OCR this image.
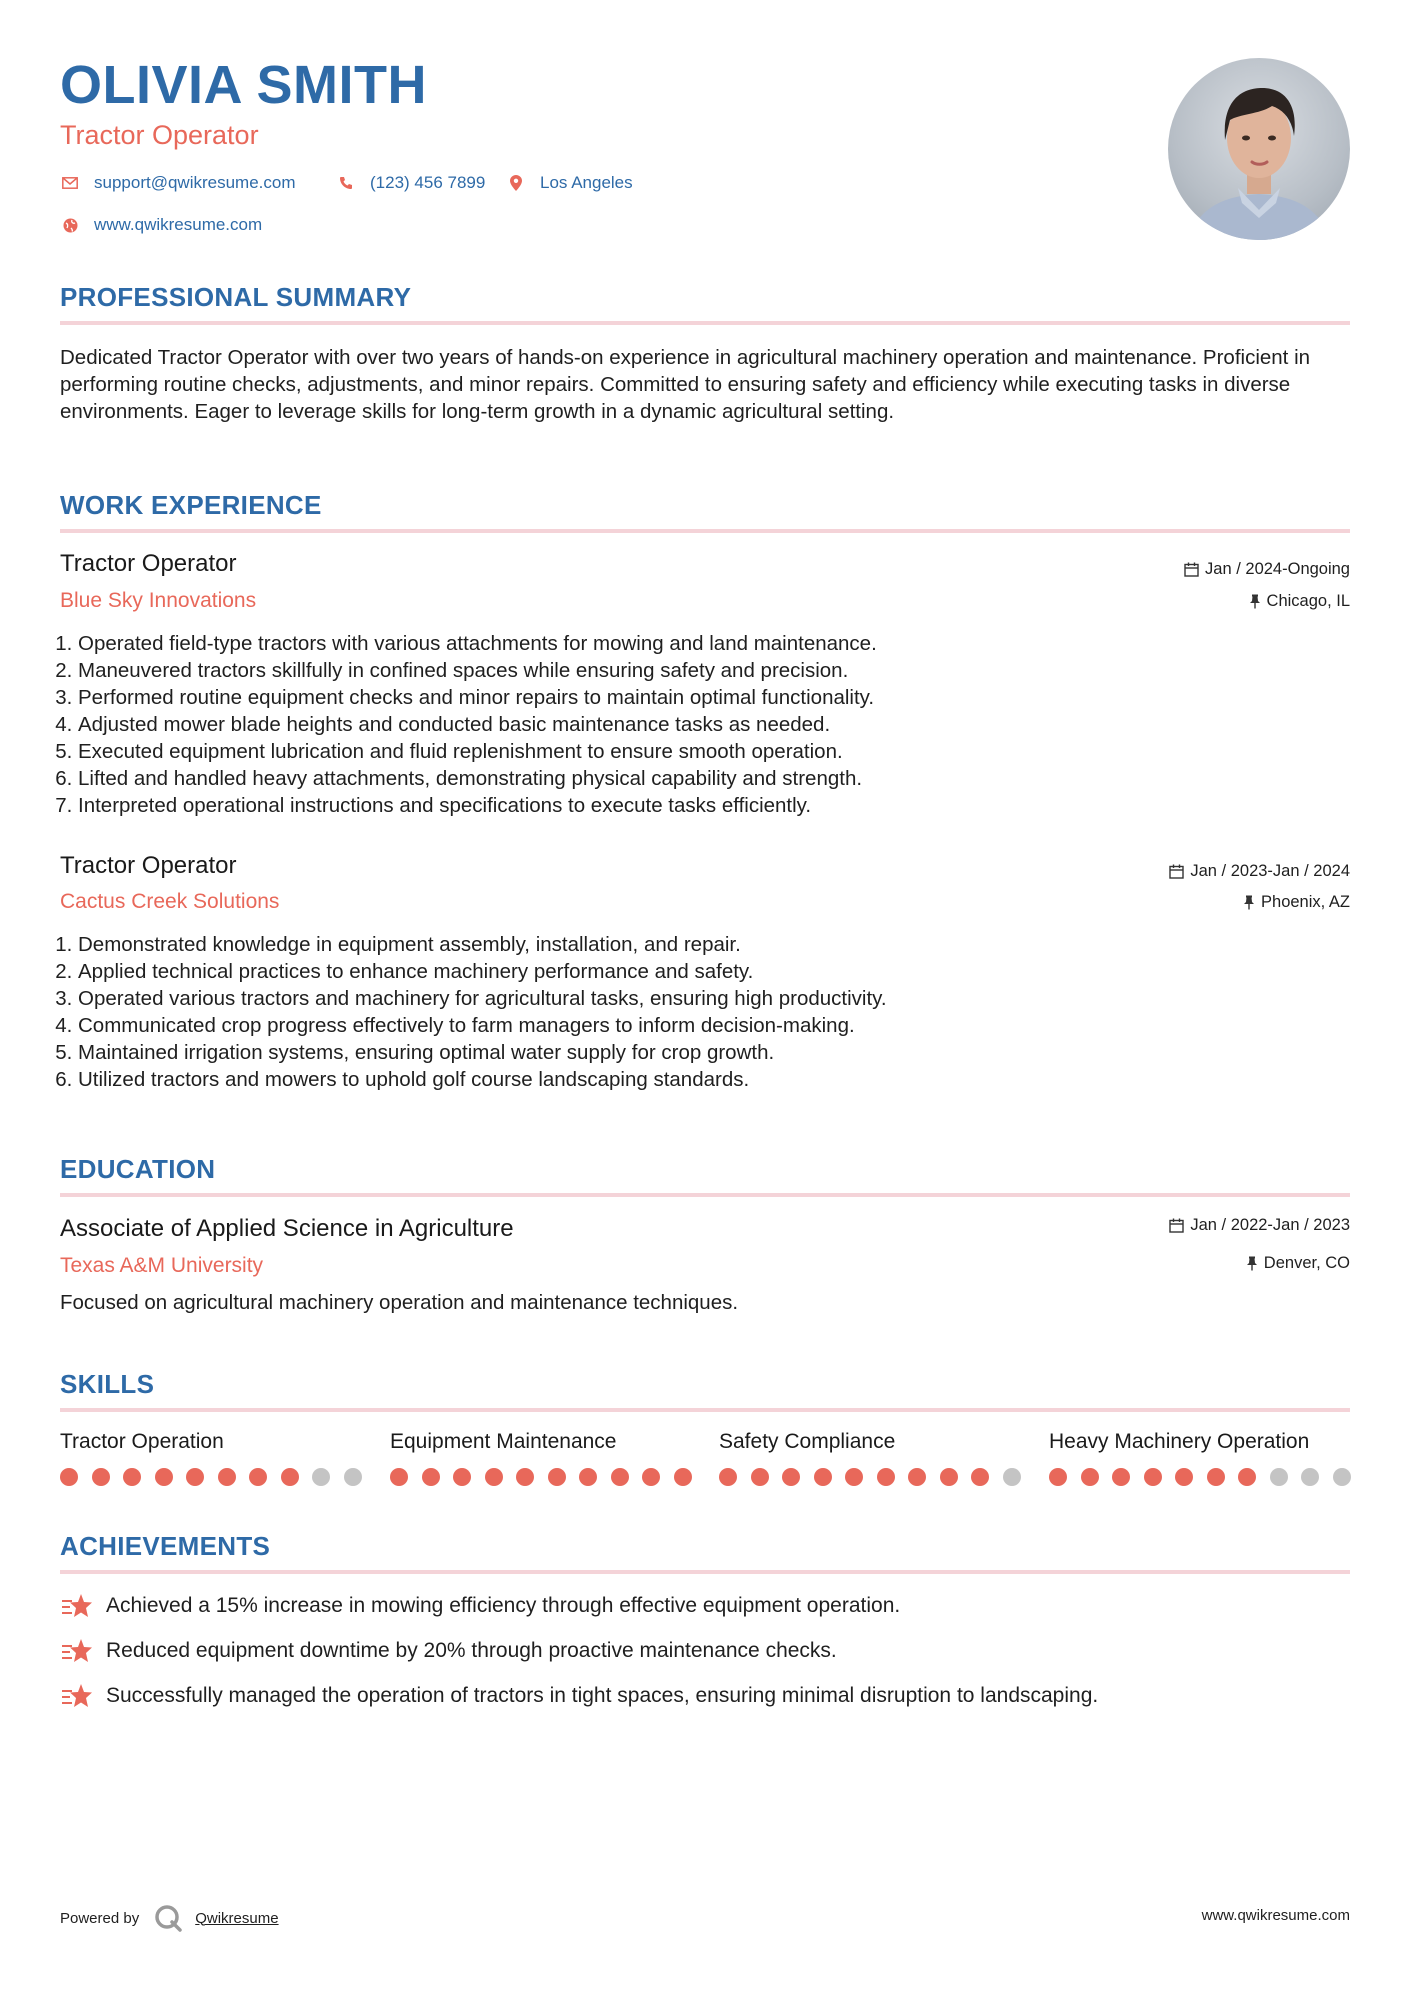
OLIVIA SMITH
Tractor Operator
support@qwikresume.com	(123) 456 7899	Los Angeles
www.qwikresume.com
PROFESSIONAL SUMMARY
Dedicated Tractor Operator with over two years of hands-on experience in agricultural machinery operation and maintenance. Proficient in performing routine checks, adjustments, and minor repairs. Committed to ensuring safety and efficiency while executing tasks in diverse environments. Eager to leverage skills for long-term growth in a dynamic agricultural setting.
WORK EXPERIENCE
Tractor Operator
Blue Sky Innovations
Jan / 2024-Ongoing
Chicago, IL
1. Operated field-type tractors with various attachments for mowing and land maintenance.
2. Maneuvered tractors skillfully in confined spaces while ensuring safety and precision.
3. Performed routine equipment checks and minor repairs to maintain optimal functionality.
4. Adjusted mower blade heights and conducted basic maintenance tasks as needed.
5. Executed equipment lubrication and fluid replenishment to ensure smooth operation.
6. Lifted and handled heavy attachments, demonstrating physical capability and strength.
7. Interpreted operational instructions and specifications to execute tasks efficiently.
Tractor Operator
Cactus Creek Solutions
Jan / 2023-Jan / 2024
Phoenix, AZ
1. Demonstrated knowledge in equipment assembly, installation, and repair.
2. Applied technical practices to enhance machinery performance and safety.
3. Operated various tractors and machinery for agricultural tasks, ensuring high productivity.
4. Communicated crop progress effectively to farm managers to inform decision-making.
5. Maintained irrigation systems, ensuring optimal water supply for crop growth.
6. Utilized tractors and mowers to uphold golf course landscaping standards.
EDUCATION
Associate of Applied Science in Agriculture
Texas A&M University
Jan / 2022-Jan / 2023
Denver, CO
Focused on agricultural machinery operation and maintenance techniques.
SKILLS
Tractor Operation	Equipment Maintenance	Safety Compliance	Heavy Machinery Operation
ACHIEVEMENTS
Achieved a 15% increase in mowing efficiency through effective equipment operation.
Reduced equipment downtime by 20% through proactive maintenance checks.
Successfully managed the operation of tractors in tight spaces, ensuring minimal disruption to landscaping.
Powered by	Qwikresume	www.qwikresume.com
